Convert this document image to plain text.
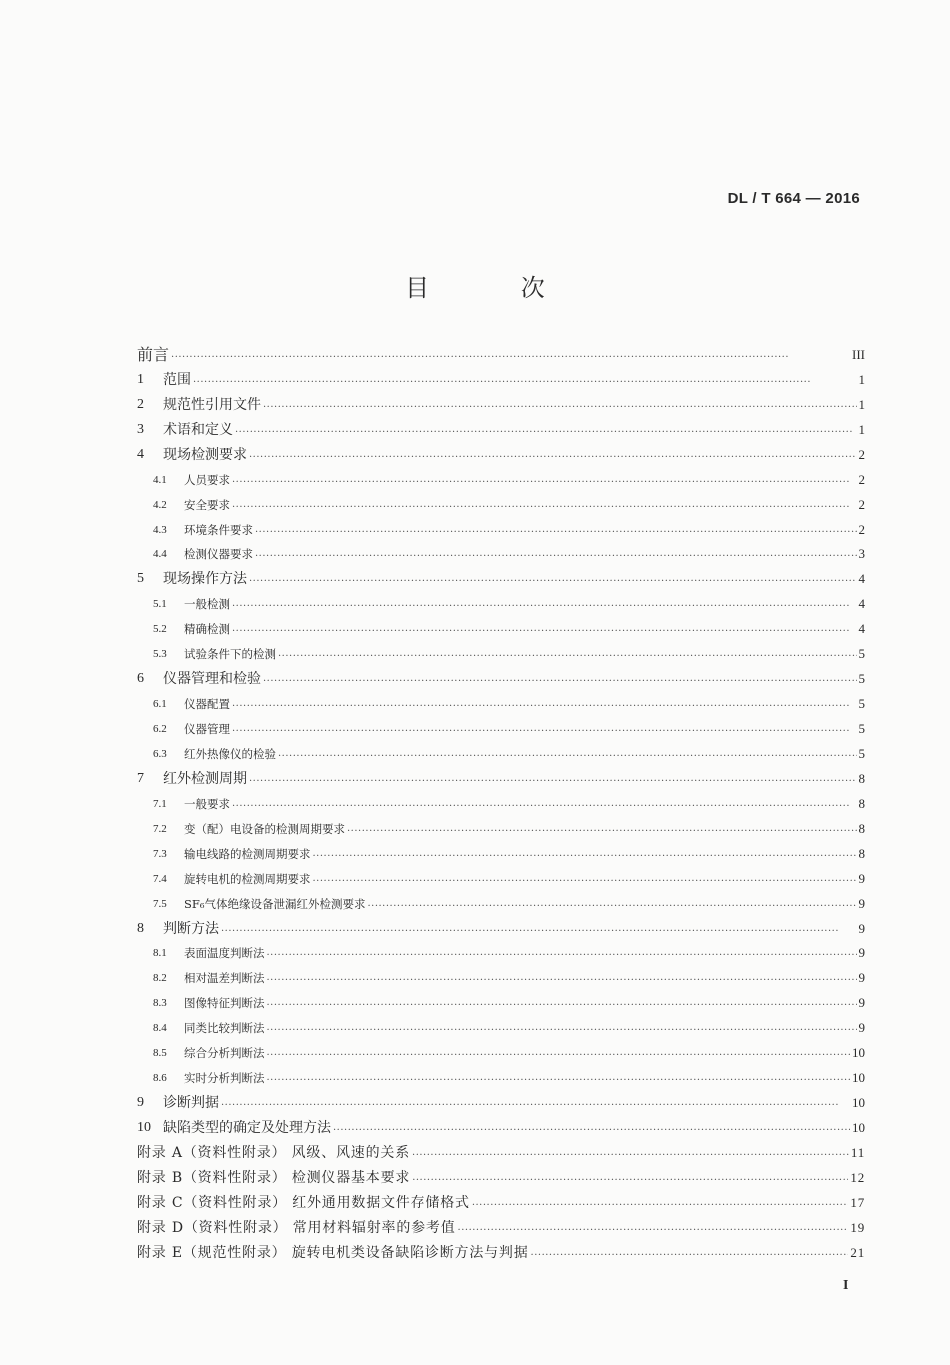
DL / T 664 — 2016
目 次
前言 ·····	III
1	范围 ·····	1
2	规范性引用文件 ·····	1
3	术语和定义 ·····	1
4	现场检测要求 ·····	2
4.1	人员要求 ·····	2
4.2	安全要求 ·····	2
4.3	环境条件要求 ·····	2
4.4	检测仪器要求 ·····	3
5	现场操作方法 ·····	4
5.1	一般检测 ·····	4
5.2	精确检测 ·····	4
5.3	试验条件下的检测 ·····	5
6	仪器管理和检验 ·····	5
6.1	仪器配置 ·····	5
6.2	仪器管理 ·····	5
6.3	红外热像仪的检验 ·····	5
7	红外检测周期 ·····	8
7.1	一般要求 ·····	8
7.2	变（配）电设备的检测周期要求 ·····	8
7.3	输电线路的检测周期要求 ·····	8
7.4	旋转电机的检测周期要求 ·····	9
7.5	SF₆气体绝缘设备泄漏红外检测要求 ·····	9
8	判断方法 ·····	9
8.1	表面温度判断法 ·····	9
8.2	相对温差判断法 ·····	9
8.3	图像特征判断法 ·····	9
8.4	同类比较判断法 ·····	9
8.5	综合分析判断法 ·····	10
8.6	实时分析判断法 ·····	10
9	诊断判据 ·····	10
10 缺陷类型的确定及处理方法 ·····	10
附录 A（资料性附录） 风级、风速的关系 ·····	11
附录 B（资料性附录） 检测仪器基本要求 ·····	12
附录 C（资料性附录） 红外通用数据文件存储格式 ·····	17
附录 D（资料性附录） 常用材料辐射率的参考值 ·····	19
附录 E（规范性附录） 旋转电机类设备缺陷诊断方法与判据 ·····	21
I
